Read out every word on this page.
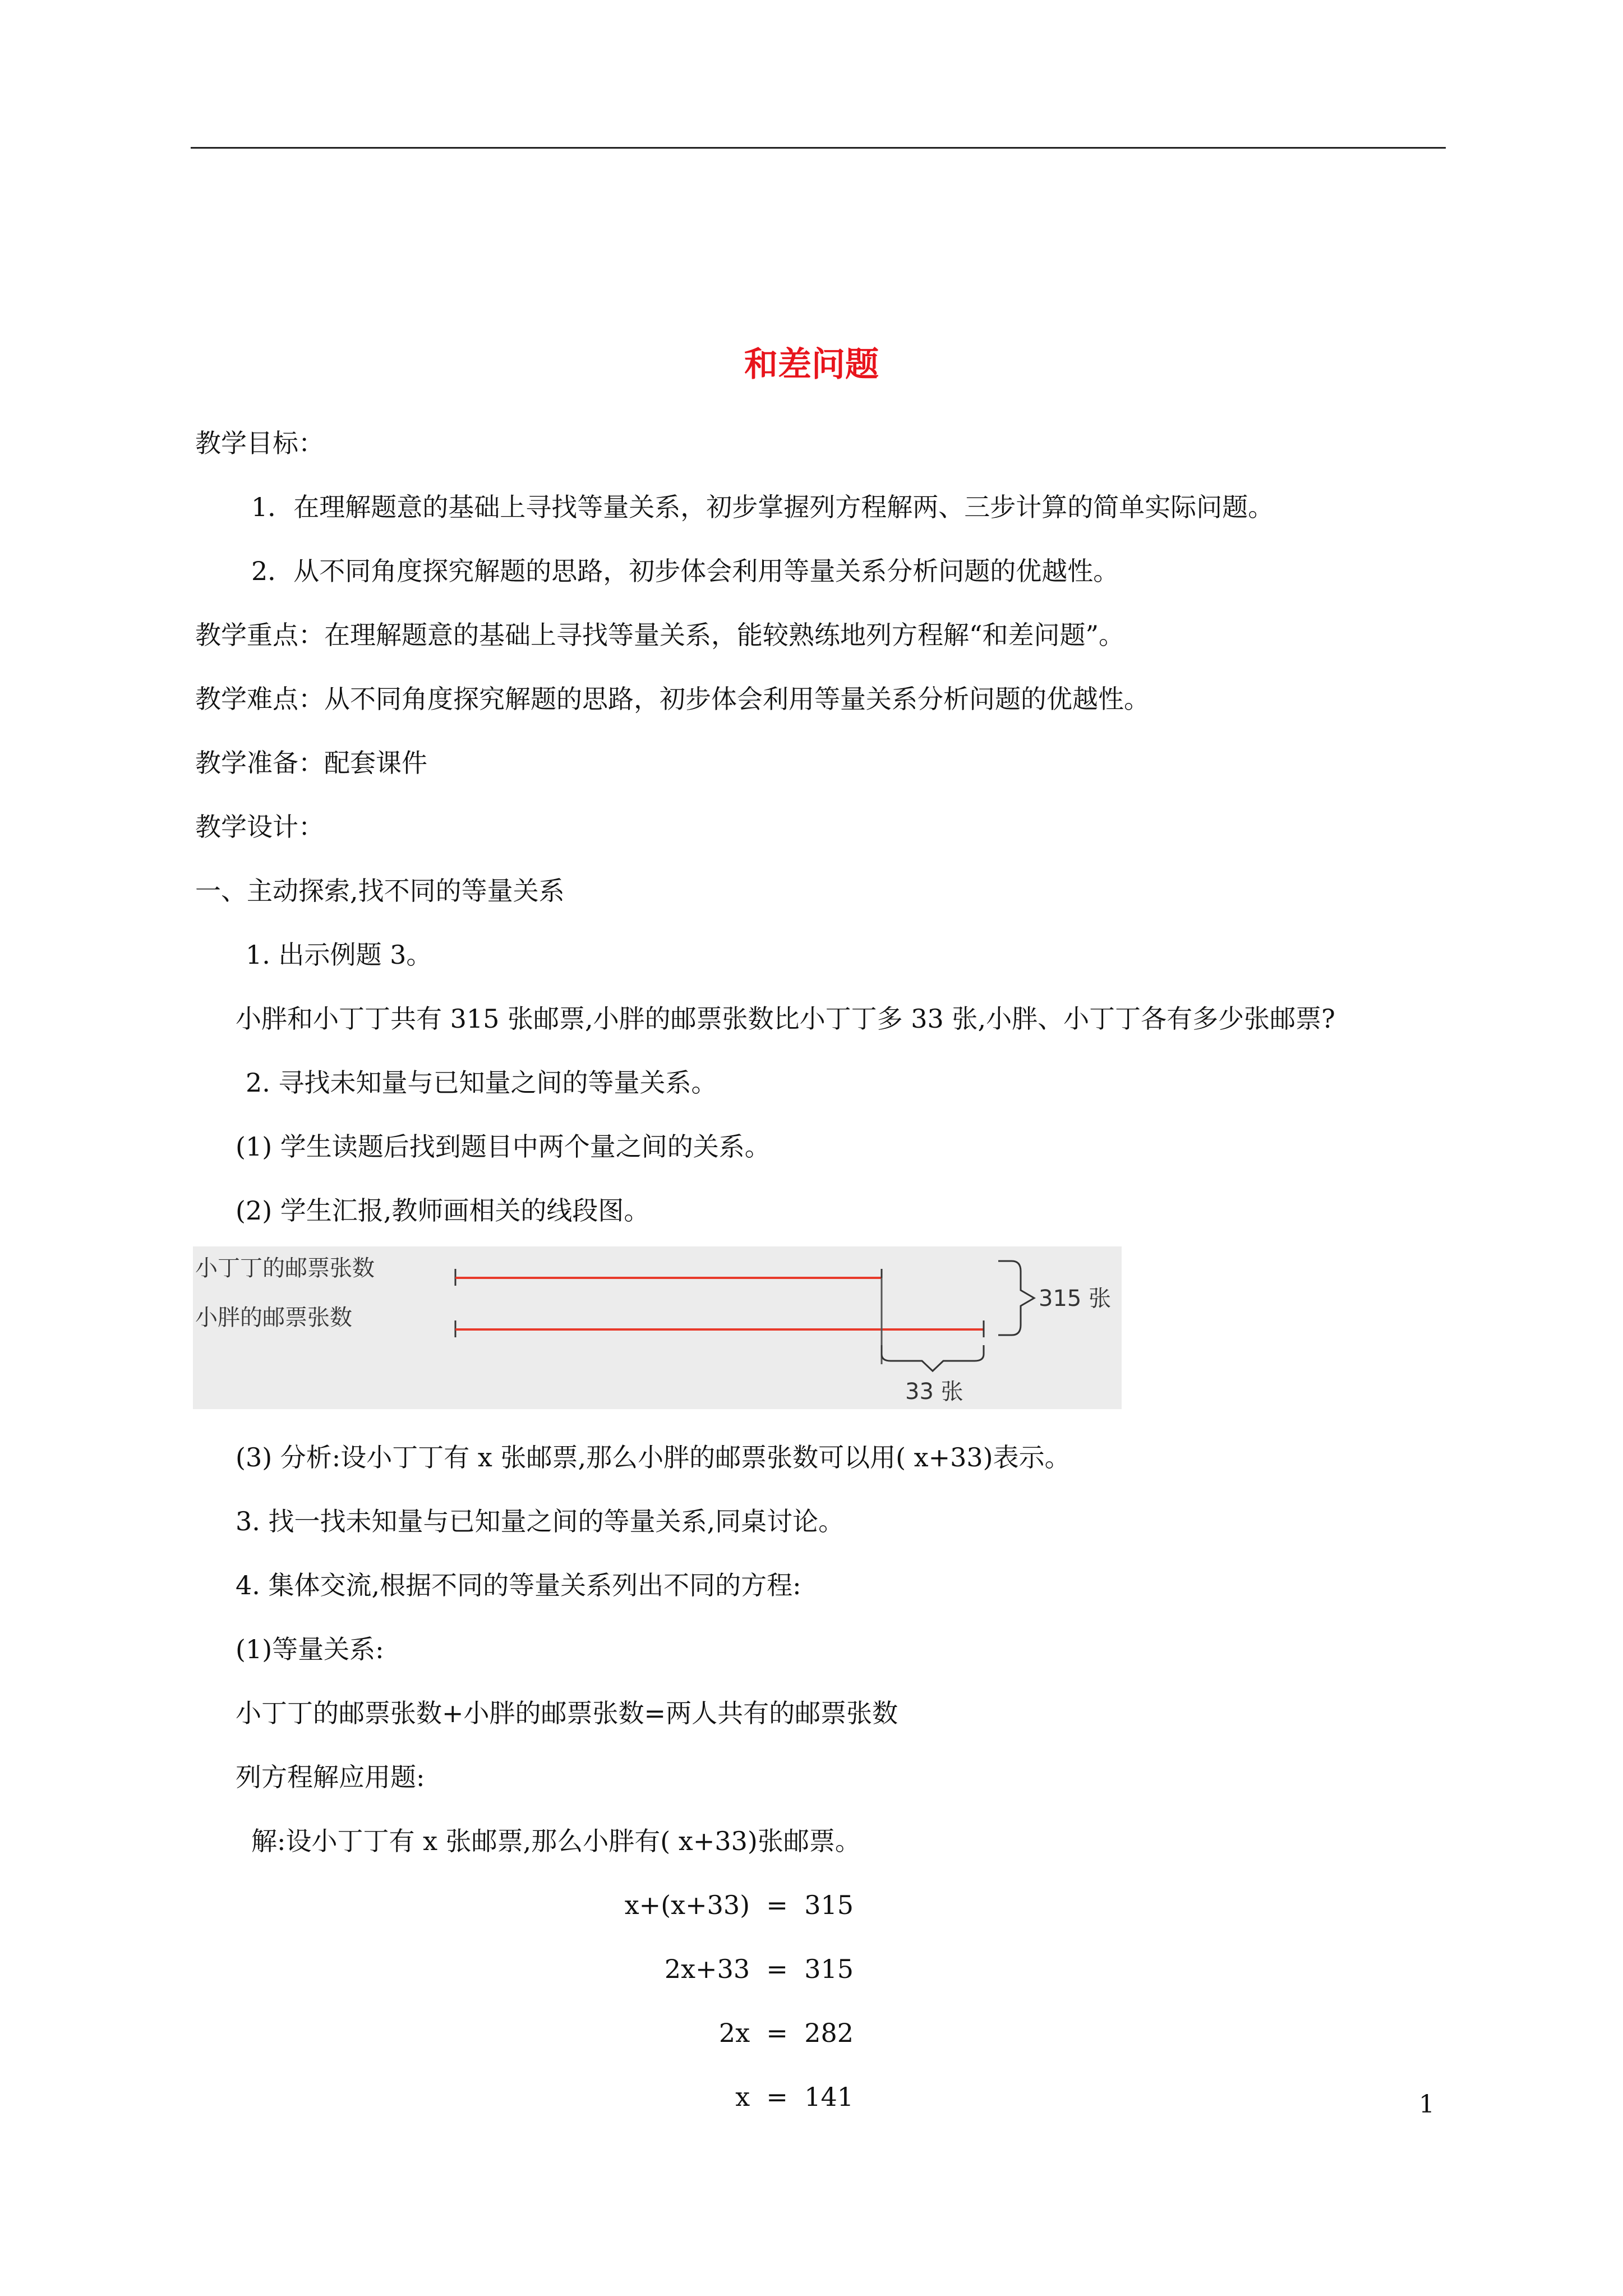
和差问题
教学目标：
1．在理解题意的基础上寻找等量关系，初步掌握列方程解两、三步计算的简单实际问题。
2．从不同角度探究解题的思路，初步体会利用等量关系分析问题的优越性。
教学重点：在理解题意的基础上寻找等量关系，能较熟练地列方程解“和差问题”。
教学难点：从不同角度探究解题的思路，初步体会利用等量关系分析问题的优越性。
教学准备：配套课件
教学设计：
一、主动探索,找不同的等量关系
1. 出示例题 3。
小胖和小丁丁共有 315 张邮票,小胖的邮票张数比小丁丁多 33 张,小胖、小丁丁各有多少张邮票?
2. 寻找未知量与已知量之间的等量关系。
(1) 学生读题后找到题目中两个量之间的关系。
(2) 学生汇报,教师画相关的线段图。
小丁丁的邮票张数
小胖的邮票张数
315 张
33 张
(3) 分析:设小丁丁有 x 张邮票,那么小胖的邮票张数可以用( x+33)表示。
3. 找一找未知量与已知量之间的等量关系,同桌讨论。
4. 集体交流,根据不同的等量关系列出不同的方程:
(1)等量关系:
小丁丁的邮票张数+小胖的邮票张数=两人共有的邮票张数
列方程解应用题:
解:设小丁丁有 x 张邮票,那么小胖有( x+33)张邮票。
x+(x+33)  =  315
2x+33  =  315
2x  =  282
x  =  141	1
